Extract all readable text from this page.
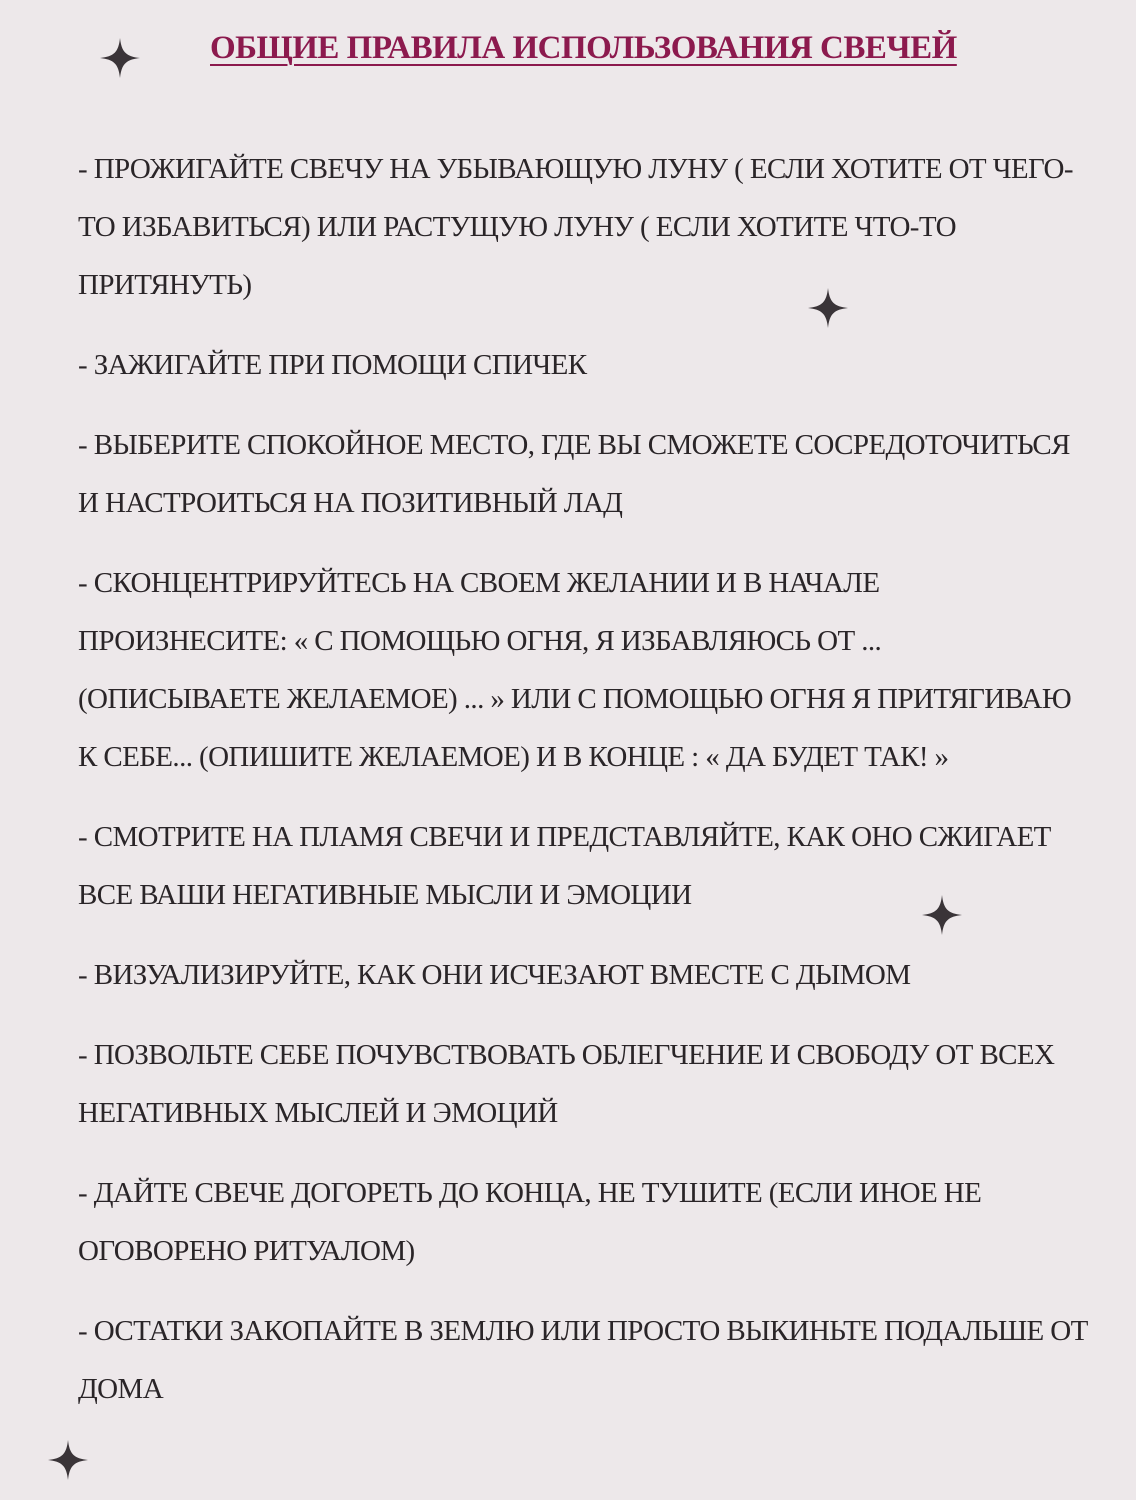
ОБЩИЕ ПРАВИЛА ИСПОЛЬЗОВАНИЯ СВЕЧЕЙ
- ПРОЖИГАЙТЕ СВЕЧУ НА УБЫВАЮЩУЮ ЛУНУ ( ЕСЛИ ХОТИТЕ ОТ ЧЕГО- ТО ИЗБАВИТЬСЯ) ИЛИ РАСТУЩУЮ ЛУНУ ( ЕСЛИ ХОТИТЕ ЧТО-ТО ПРИТЯНУТЬ)
- ЗАЖИГАЙТЕ ПРИ ПОМОЩИ СПИЧЕК
- ВЫБЕРИТЕ СПОКОЙНОЕ МЕСТО, ГДЕ ВЫ СМОЖЕТЕ СОСРЕДОТОЧИТЬСЯ И НАСТРОИТЬСЯ НА ПОЗИТИВНЫЙ ЛАД
- СКОНЦЕНТРИРУЙТЕСЬ НА СВОЕМ ЖЕЛАНИИ И В НАЧАЛЕ ПРОИЗНЕСИТЕ: « С ПОМОЩЬЮ ОГНЯ, Я ИЗБАВЛЯЮСЬ ОТ ... (ОПИСЫВАЕТЕ ЖЕЛАЕМОЕ) ... » ИЛИ С ПОМОЩЬЮ ОГНЯ Я ПРИТЯГИВАЮ К СЕБЕ... (ОПИШИТЕ ЖЕЛАЕМОЕ) И В КОНЦЕ : « ДА БУДЕТ ТАК! »
- СМОТРИТЕ НА ПЛАМЯ СВЕЧИ И ПРЕДСТАВЛЯЙТЕ, КАК ОНО СЖИГАЕТ ВСЕ ВАШИ НЕГАТИВНЫЕ МЫСЛИ И ЭМОЦИИ
- ВИЗУАЛИЗИРУЙТЕ, КАК ОНИ ИСЧЕЗАЮТ ВМЕСТЕ С ДЫМОМ
- ПОЗВОЛЬТЕ СЕБЕ ПОЧУВСТВОВАТЬ ОБЛЕГЧЕНИЕ И СВОБОДУ ОТ ВСЕХ НЕГАТИВНЫХ МЫСЛЕЙ И ЭМОЦИЙ
- ДАЙТЕ СВЕЧЕ ДОГОРЕТЬ ДО КОНЦА, НЕ ТУШИТЕ (ЕСЛИ ИНОЕ НЕ ОГОВОРЕНО РИТУАЛОМ)
- ОСТАТКИ ЗАКОПАЙТЕ В ЗЕМЛЮ ИЛИ ПРОСТО ВЫКИНЬТЕ ПОДАЛЬШЕ ОТ ДОМА
